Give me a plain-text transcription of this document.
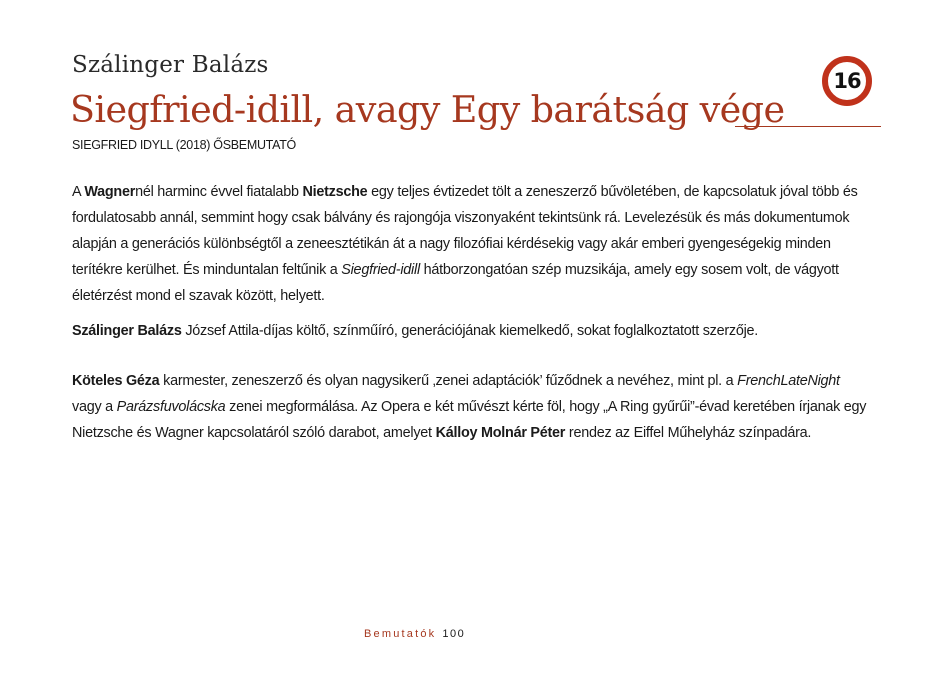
Szálinger Balázs
Siegfried-idill, avagy Egy barátság vége
16
SIEGFRIED IDYLL (2018) ŐSBEMUTATÓ

A Wagnernél harminc évvel fiatalabb Nietzsche egy teljes évtizedet tölt a zeneszerző bűvöletében, de kapcsolatuk jóval több és fordulatosabb annál, semmint hogy csak bálvány és rajongója viszonyaként tekintsünk rá. Levelezésük és más dokumentumok alapján a generációs különbségtől a zeneesztétikán át a nagy filozófiai kérdésekig vagy akár emberi gyengeségekig minden terítékre kerülhet. És minduntalan feltűnik a Siegfried-idill hátborzongatóan szép muzsikája, amely egy sosem volt, de vágyott életérzést mond el szavak között, helyett.

Szálinger Balázs József Attila-díjas költő, színműíró, generációjának kiemelkedő, sokat foglalkoztatott szerzője.

Köteles Géza karmester, zeneszerző és olyan nagysikerű ‚zenei adaptációk’ fűződnek a nevéhez, mint pl. a FrenchLateNight vagy a Parázsfuvolácska zenei megformálása. Az Opera e két művészt kérte föl, hogy „A Ring gyűrűi”-évad keretében írjanak egy Nietzsche és Wagner kapcsolatáról szóló darabot, amelyet Kálloy Molnár Péter rendez az Eiffel Műhelyház színpadára.

Bemutatók 100
